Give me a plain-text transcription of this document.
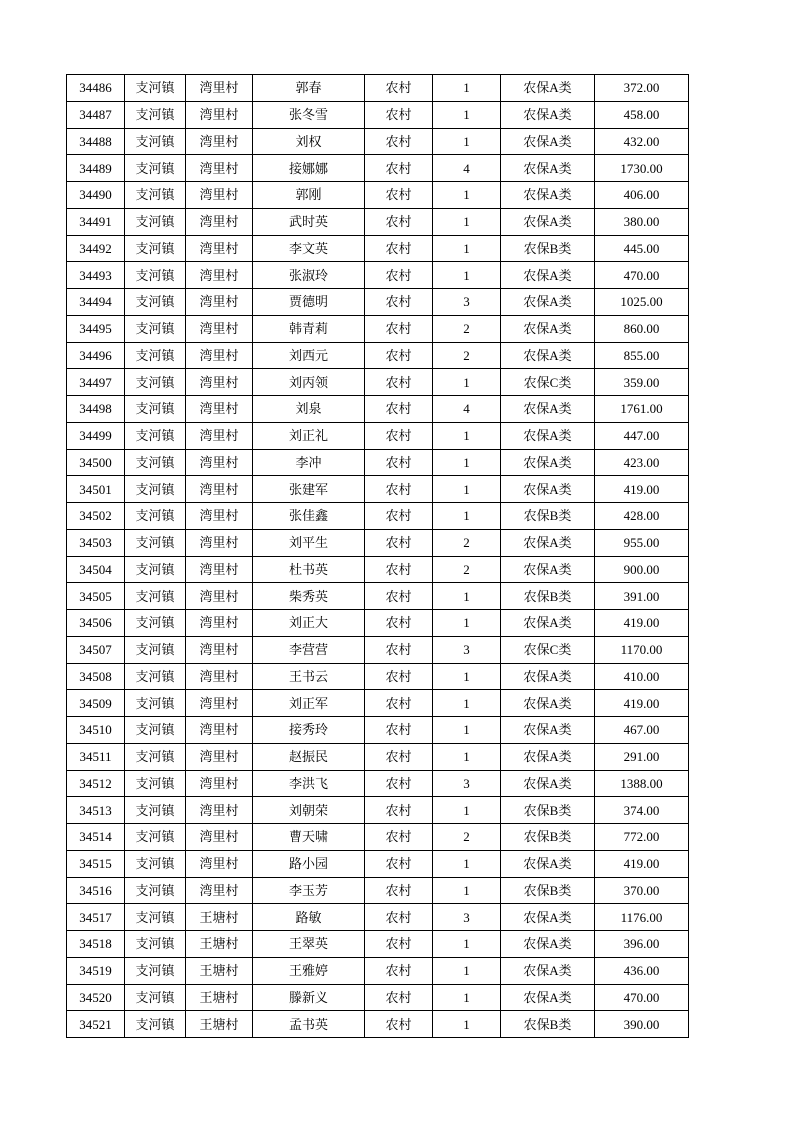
34486	支河镇	湾里村	郭春	农村	1	农保A类	372.00
34487	支河镇	湾里村	张冬雪	农村	1	农保A类	458.00
34488	支河镇	湾里村	刘权	农村	1	农保A类	432.00
34489	支河镇	湾里村	接娜娜	农村	4	农保A类	1730.00
34490	支河镇	湾里村	郭刚	农村	1	农保A类	406.00
34491	支河镇	湾里村	武时英	农村	1	农保A类	380.00
34492	支河镇	湾里村	李文英	农村	1	农保B类	445.00
34493	支河镇	湾里村	张淑玲	农村	1	农保A类	470.00
34494	支河镇	湾里村	贾德明	农村	3	农保A类	1025.00
34495	支河镇	湾里村	韩青莉	农村	2	农保A类	860.00
34496	支河镇	湾里村	刘西元	农村	2	农保A类	855.00
34497	支河镇	湾里村	刘丙领	农村	1	农保C类	359.00
34498	支河镇	湾里村	刘泉	农村	4	农保A类	1761.00
34499	支河镇	湾里村	刘正礼	农村	1	农保A类	447.00
34500	支河镇	湾里村	李冲	农村	1	农保A类	423.00
34501	支河镇	湾里村	张建军	农村	1	农保A类	419.00
34502	支河镇	湾里村	张佳鑫	农村	1	农保B类	428.00
34503	支河镇	湾里村	刘平生	农村	2	农保A类	955.00
34504	支河镇	湾里村	杜书英	农村	2	农保A类	900.00
34505	支河镇	湾里村	柴秀英	农村	1	农保B类	391.00
34506	支河镇	湾里村	刘正大	农村	1	农保A类	419.00
34507	支河镇	湾里村	李营营	农村	3	农保C类	1170.00
34508	支河镇	湾里村	王书云	农村	1	农保A类	410.00
34509	支河镇	湾里村	刘正军	农村	1	农保A类	419.00
34510	支河镇	湾里村	接秀玲	农村	1	农保A类	467.00
34511	支河镇	湾里村	赵振民	农村	1	农保A类	291.00
34512	支河镇	湾里村	李洪飞	农村	3	农保A类	1388.00
34513	支河镇	湾里村	刘朝荣	农村	1	农保B类	374.00
34514	支河镇	湾里村	曹天啸	农村	2	农保B类	772.00
34515	支河镇	湾里村	路小园	农村	1	农保A类	419.00
34516	支河镇	湾里村	李玉芳	农村	1	农保B类	370.00
34517	支河镇	王塘村	路敏	农村	3	农保A类	1176.00
34518	支河镇	王塘村	王翠英	农村	1	农保A类	396.00
34519	支河镇	王塘村	王雅婷	农村	1	农保A类	436.00
34520	支河镇	王塘村	滕新义	农村	1	农保A类	470.00
34521	支河镇	王塘村	孟书英	农村	1	农保B类	390.00
